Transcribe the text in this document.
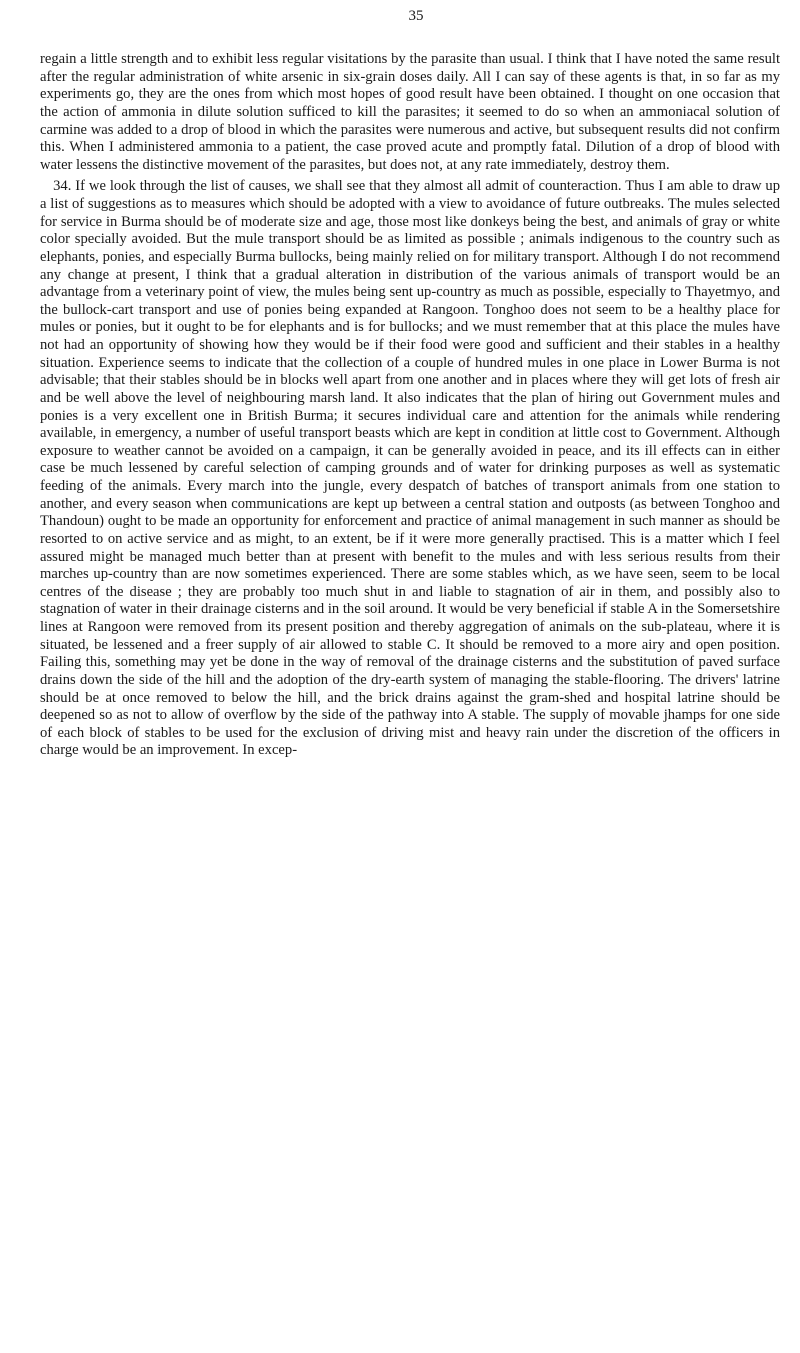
35

regain a little strength and to exhibit less regular visitations by the parasite than usual. I think that I have noted the same result after the regular administration of white arsenic in six-grain doses daily. All I can say of these agents is that, in so far as my experiments go, they are the ones from which most hopes of good result have been obtained. I thought on one occasion that the action of ammonia in dilute solution sufficed to kill the parasites; it seemed to do so when an ammoniacal solution of carmine was added to a drop of blood in which the parasites were numerous and active, but subsequent results did not confirm this. When I administered ammonia to a patient, the case proved acute and promptly fatal. Dilution of a drop of blood with water lessens the distinctive movement of the parasites, but does not, at any rate immediately, destroy them.

34. If we look through the list of causes, we shall see that they almost all admit of counteraction. Thus I am able to draw up a list of suggestions as to measures which should be adopted with a view to avoidance of future outbreaks. The mules selected for service in Burma should be of moderate size and age, those most like donkeys being the best, and animals of gray or white color specially avoided. But the mule transport should be as limited as possible ; animals indigenous to the country such as elephants, ponies, and especially Burma bullocks, being mainly relied on for military transport. Although I do not recommend any change at present, I think that a gradual alteration in distribution of the various animals of transport would be an advantage from a veterinary point of view, the mules being sent up-country as much as possible, especially to Thayetmyo, and the bullock-cart transport and use of ponies being expanded at Rangoon. Tonghoo does not seem to be a healthy place for mules or ponies, but it ought to be for elephants and is for bullocks; and we must remember that at this place the mules have not had an opportunity of showing how they would be if their food were good and sufficient and their stables in a healthy situation. Experience seems to indicate that the collection of a couple of hundred mules in one place in Lower Burma is not advisable; that their stables should be in blocks well apart from one another and in places where they will get lots of fresh air and be well above the level of neighbouring marsh land. It also indicates that the plan of hiring out Government mules and ponies is a very excellent one in British Burma; it secures individual care and attention for the animals while rendering available, in emergency, a number of useful transport beasts which are kept in condition at little cost to Government. Although exposure to weather cannot be avoided on a campaign, it can be generally avoided in peace, and its ill effects can in either case be much lessened by careful selection of camping grounds and of water for drinking purposes as well as systematic feeding of the animals. Every march into the jungle, every despatch of batches of transport animals from one station to another, and every season when communications are kept up between a central station and outposts (as between Tonghoo and Thandoun) ought to be made an opportunity for enforcement and practice of animal management in such manner as should be resorted to on active service and as might, to an extent, be if it were more generally practised. This is a matter which I feel assured might be managed much better than at present with benefit to the mules and with less serious results from their marches up-country than are now sometimes experienced. There are some stables which, as we have seen, seem to be local centres of the disease ; they are probably too much shut in and liable to stagnation of air in them, and possibly also to stagnation of water in their drainage cisterns and in the soil around. It would be very beneficial if stable A in the Somersetshire lines at Rangoon were removed from its present position and thereby aggregation of animals on the sub-plateau, where it is situated, be lessened and a freer supply of air allowed to stable C. It should be removed to a more airy and open position. Failing this, something may yet be done in the way of removal of the drainage cisterns and the substitution of paved surface drains down the side of the hill and the adoption of the dry-earth system of managing the stable-flooring. The drivers' latrine should be at once removed to below the hill, and the brick drains against the gram-shed and hospital latrine should be deepened so as not to allow of overflow by the side of the pathway into A stable. The supply of movable jhamps for one side of each block of stables to be used for the exclusion of driving mist and heavy rain under the discretion of the officers in charge would be an improvement. In excep-
